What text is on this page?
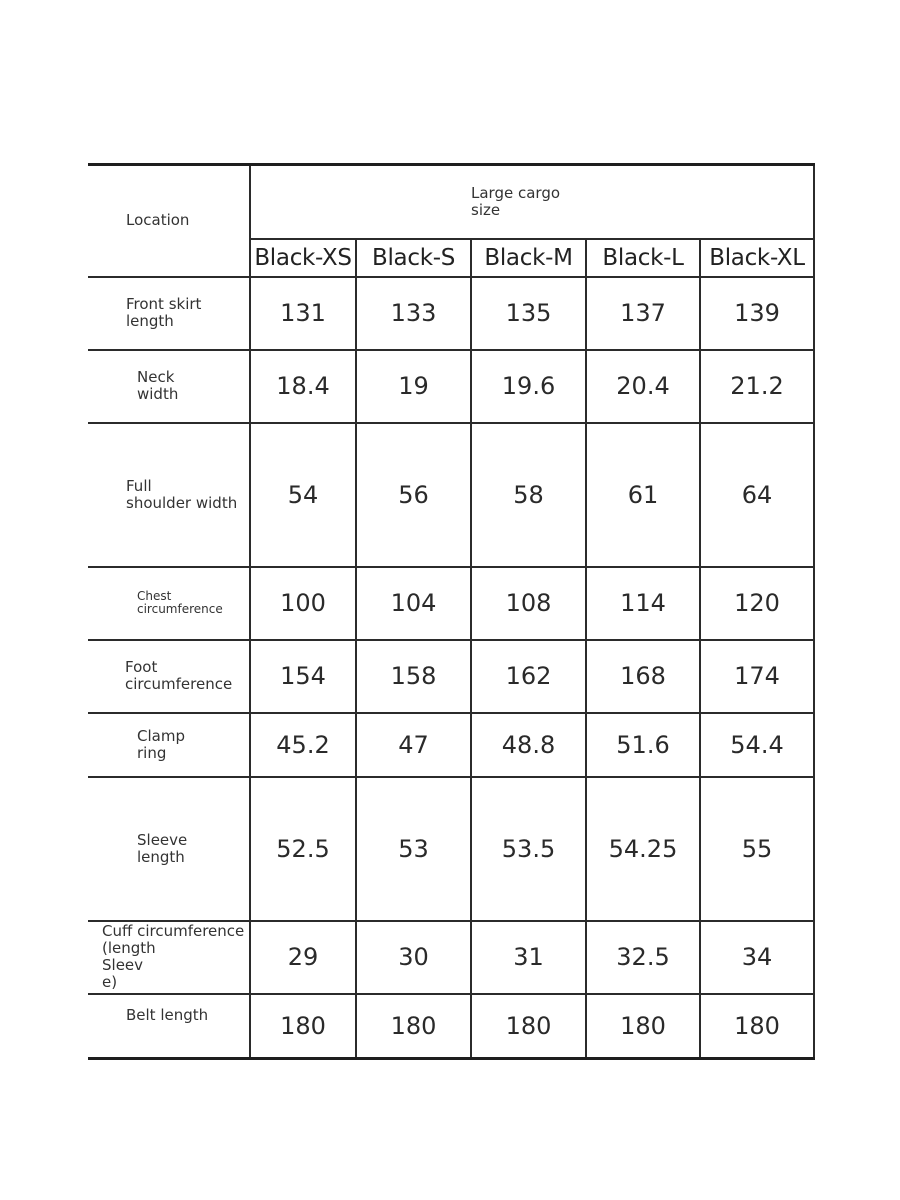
Location	Large cargo
size				
	Black-XS	Black-S	Black-M	Black-L	Black-XL
Front skirt
length	131	133	135	137	139
Neck
width	18.4	19	19.6	20.4	21.2
Full
shoulder width	54	56	58	61	64
Chest
circumference	100	104	108	114	120
Foot
circumference	154	158	162	168	174
Clamp
ring	45.2	47	48.8	51.6	54.4
Sleeve
length	52.5	53	53.5	54.25	55
Cuff circumference
(length
Sleev
e)	29	30	31	32.5	34
Belt length	180	180	180	180	180
